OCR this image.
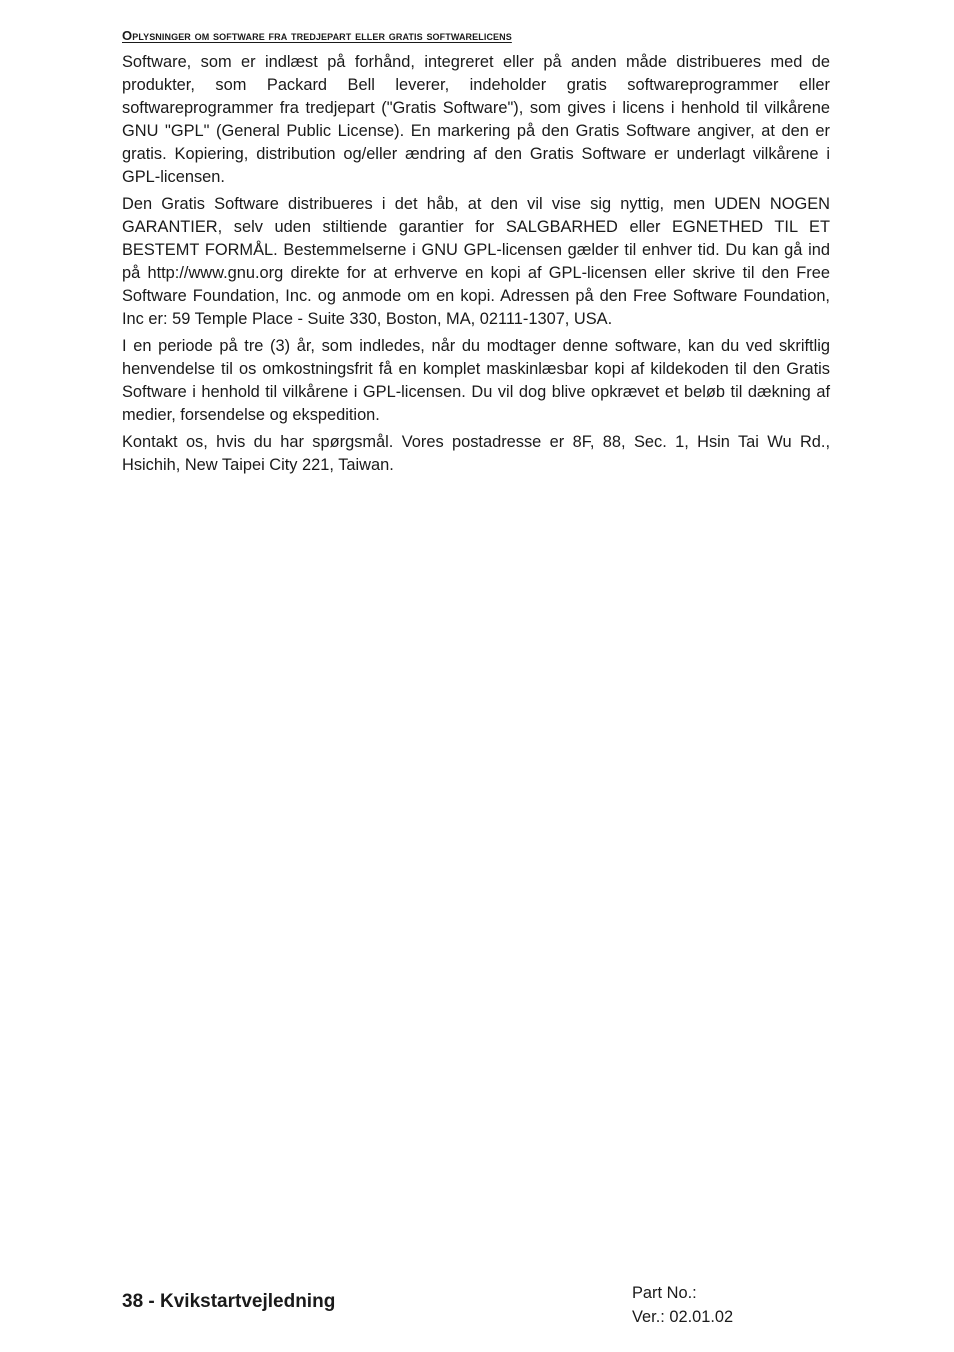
Oplysninger om software fra tredjepart eller gratis softwarelicens

Software, som er indlæst på forhånd, integreret eller på anden måde distribueres med de produkter, som Packard Bell leverer, indeholder gratis softwareprogrammer eller softwareprogrammer fra tredjepart ("Gratis Software"), som gives i licens i henhold til vilkårene GNU "GPL" (General Public License). En markering på den Gratis Software angiver, at den er gratis. Kopiering, distribution og/eller ændring af den Gratis Software er underlagt vilkårene i GPL-licensen.

Den Gratis Software distribueres i det håb, at den vil vise sig nyttig, men UDEN NOGEN GARANTIER, selv uden stiltiende garantier for SALGBARHED eller EGNETHED TIL ET BESTEMT FORMÅL. Bestemmelserne i GNU GPL-licensen gælder til enhver tid. Du kan gå ind på http://www.gnu.org direkte for at erhverve en kopi af GPL-licensen eller skrive til den Free Software Foundation, Inc. og anmode om en kopi. Adressen på den Free Software Foundation, Inc er: 59 Temple Place - Suite 330, Boston, MA, 02111-1307, USA.

I en periode på tre (3) år, som indledes, når du modtager denne software, kan du ved skriftlig henvendelse til os omkostningsfrit få en komplet maskinlæsbar kopi af kildekoden til den Gratis Software i henhold til vilkårene i GPL-licensen. Du vil dog blive opkrævet et beløb til dækning af medier, forsendelse og ekspedition.

Kontakt os, hvis du har spørgsmål. Vores postadresse er 8F, 88, Sec. 1, Hsin Tai Wu Rd., Hsichih, New Taipei City 221, Taiwan.

38 - Kvikstartvejledning	Part No.:
Ver.: 02.01.02
